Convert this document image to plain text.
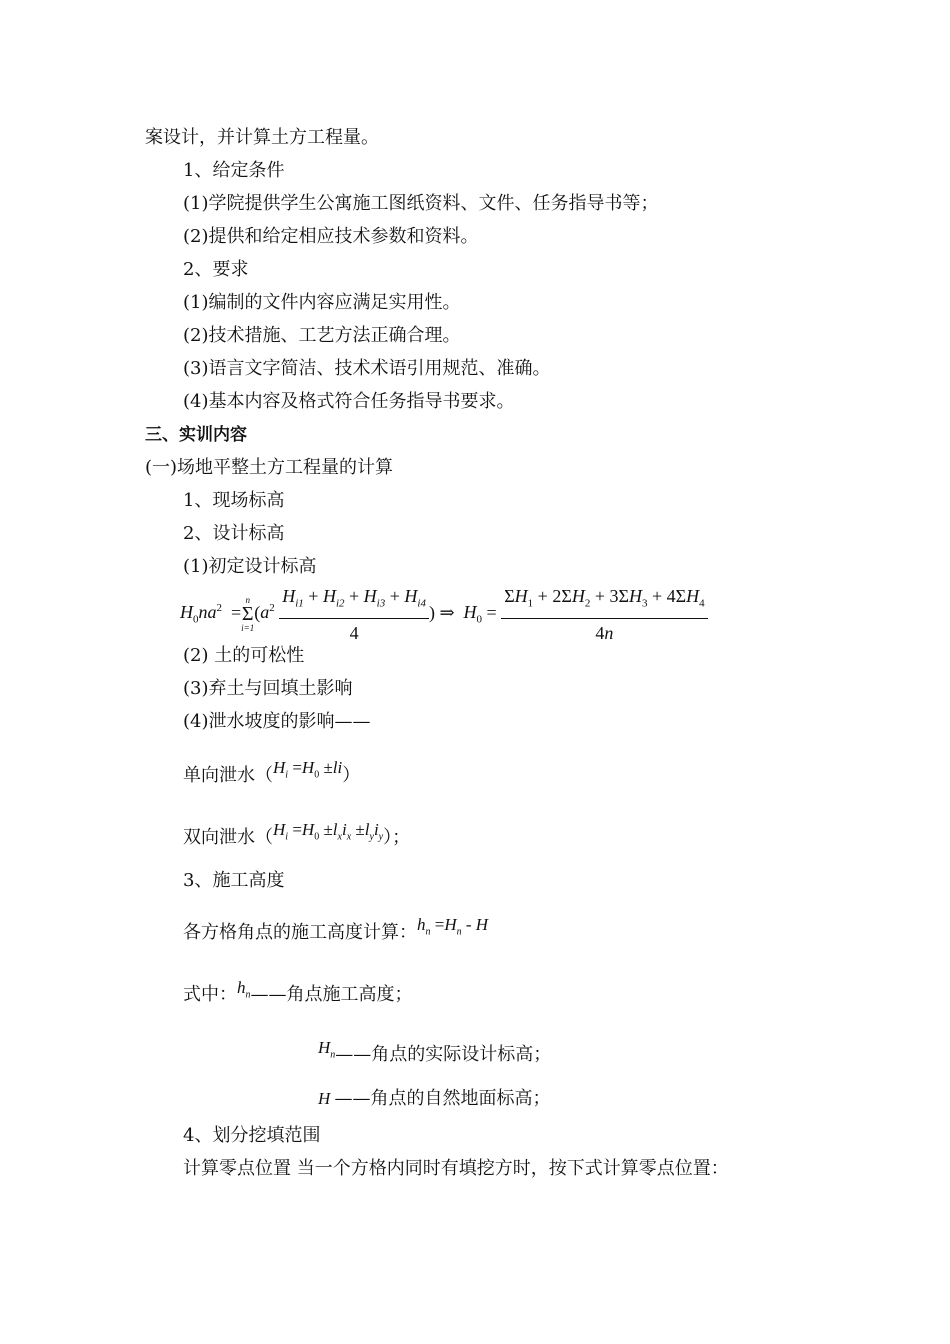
案设计，并计算土方工程量。
1、给定条件
(1)学院提供学生公寓施工图纸资料、文件、任务指导书等；
(2)提供和给定相应技术参数和资料。
2、要求
(1)编制的文件内容应满足实用性。
(2)技术措施、工艺方法正确合理。
(3)语言文字简洁、技术术语引用规范、准确。
(4)基本内容及格式符合任务指导书要求。
三、实训内容
(一)场地平整土方工程量的计算
1、现场标高
2、设计标高
(1)初定设计标高
$H_0na^2$  =
n
Σ
i=1
($a^2 \frac{H_{i1} + H_{i2} + H_{i3} + H_{i4}}{4}$ ) ⇒  $H_0 = \frac{\Sigma H_1 + 2\Sigma H_2 + 3\Sigma H_3 + 4\Sigma H_4}{4n}$
(2) 土的可松性
(3)弃土与回填土影响
(4)泄水坡度的影响——
单向泄水$(H_i =H_0 \pm li)$
双向泄水$(H_i =H_0 \pm l_xi_x \pm l_yi_y)$；
3、施工高度
各方格角点的施工高度计算：$h_n =H_n - H$
式中：$h_n——$角点施工高度；
$H_n——$角点的实际设计标高；
H ——角点的自然地面标高；
4、划分挖填范围
计算零点位置 当一个方格内同时有填挖方时，按下式计算零点位置：
